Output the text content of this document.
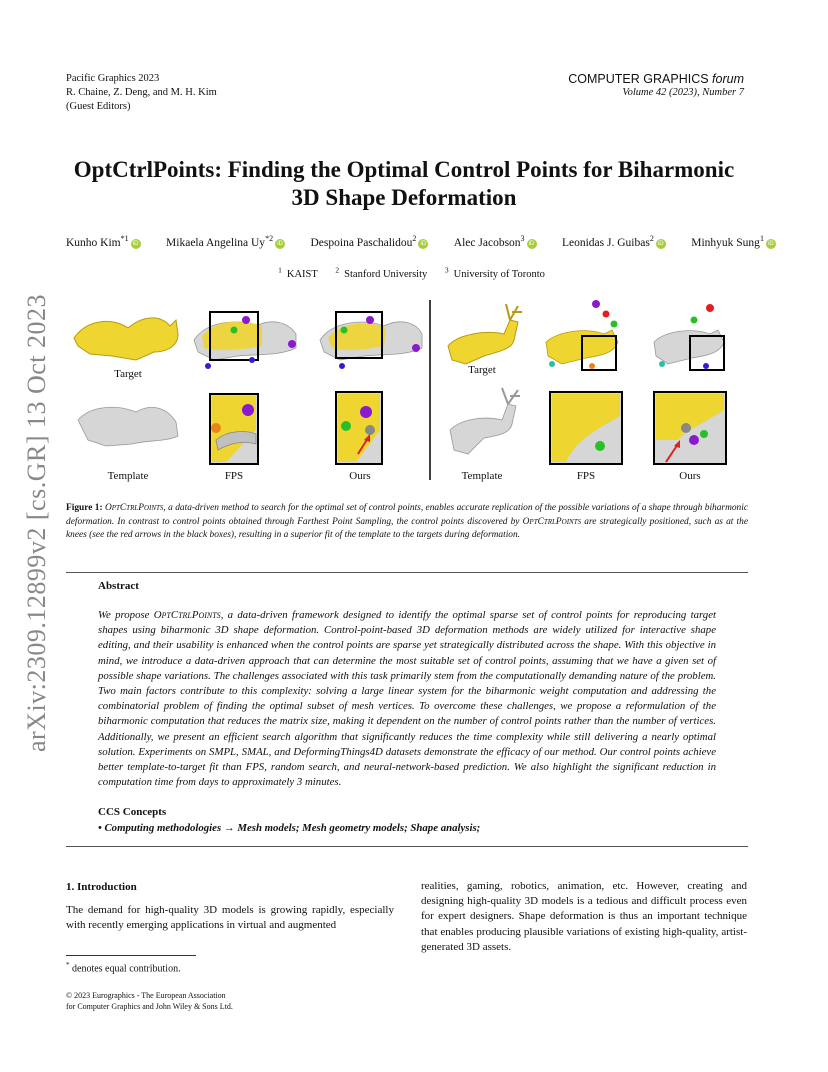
Pacific Graphics 2023
R. Chaine, Z. Deng, and M. H. Kim
(Guest Editors)
COMPUTER GRAPHICS forum
Volume 42 (2023), Number 7
OptCtrlPoints: Finding the Optimal Control Points for Biharmonic
3D Shape Deformation
Kunho Kim$^{*1}$iD Mikaela Angelina Uy$^{*2}$iD Despoina Paschalidou$^2$iD Alec Jacobson$^3$iD Leonidas J. Guibas$^2$iD Minhyuk Sung$^1$iD
$^1$ KAIST $^2$ Stanford University $^3$ University of Toronto
arXiv:2309.12899v2 [cs.GR] 13 Oct 2023	Target
Template	FPS	Ours
Target
Template	FPS	Ours
Figure 1: OptCtrlPoints, a data-driven method to search for the optimal set of control points, enables accurate replication of the possible variations of a shape through biharmonic deformation. In contrast to control points obtained through Farthest Point Sampling, the control points discovered by OptCtrlPoints are strategically positioned, such as at the knees (see the red arrows in the black boxes), resulting in a superior fit of the template to the targets during deformation.
Abstract
We propose OptCtrlPoints, a data-driven framework designed to identify the optimal sparse set of control points for reproducing target shapes using biharmonic 3D shape deformation. Control-point-based 3D deformation methods are widely utilized for interactive shape editing, and their usability is enhanced when the control points are sparse yet strategically distributed across the shape. With this objective in mind, we introduce a data-driven approach that can determine the most suitable set of control points, assuming that we have a given set of possible shape variations. The challenges associated with this task primarily stem from the computationally demanding nature of the problem. Two main factors contribute to this complexity: solving a large linear system for the biharmonic weight computation and addressing the combinatorial problem of finding the optimal subset of mesh vertices. To overcome these challenges, we propose a reformulation of the biharmonic computation that reduces the matrix size, making it dependent on the number of control points rather than the number of vertices. Additionally, we present an efficient search algorithm that significantly reduces the time complexity while still delivering a nearly optimal solution. Experiments on SMPL, SMAL, and DeformingThings4D datasets demonstrate the efficacy of our method. Our control points achieve better template-to-target fit than FPS, random search, and neural-network-based prediction. We also highlight the significant reduction in computation time from days to approximately 3 minutes.
CCS Concepts
• Computing methodologies → Mesh models; Mesh geometry models; Shape analysis;
1. Introduction
The demand for high-quality 3D models is growing rapidly, especially with recently emerging applications in virtual and augmented
realities, gaming, robotics, animation, etc. However, creating and designing high-quality 3D models is a tedious and difficult process even for expert designers. Shape deformation is thus an important technique that enables producing plausible variations of existing high-quality, artist-generated 3D assets.
* denotes equal contribution.
© 2023 Eurographics - The European Association
for Computer Graphics and John Wiley & Sons Ltd.
